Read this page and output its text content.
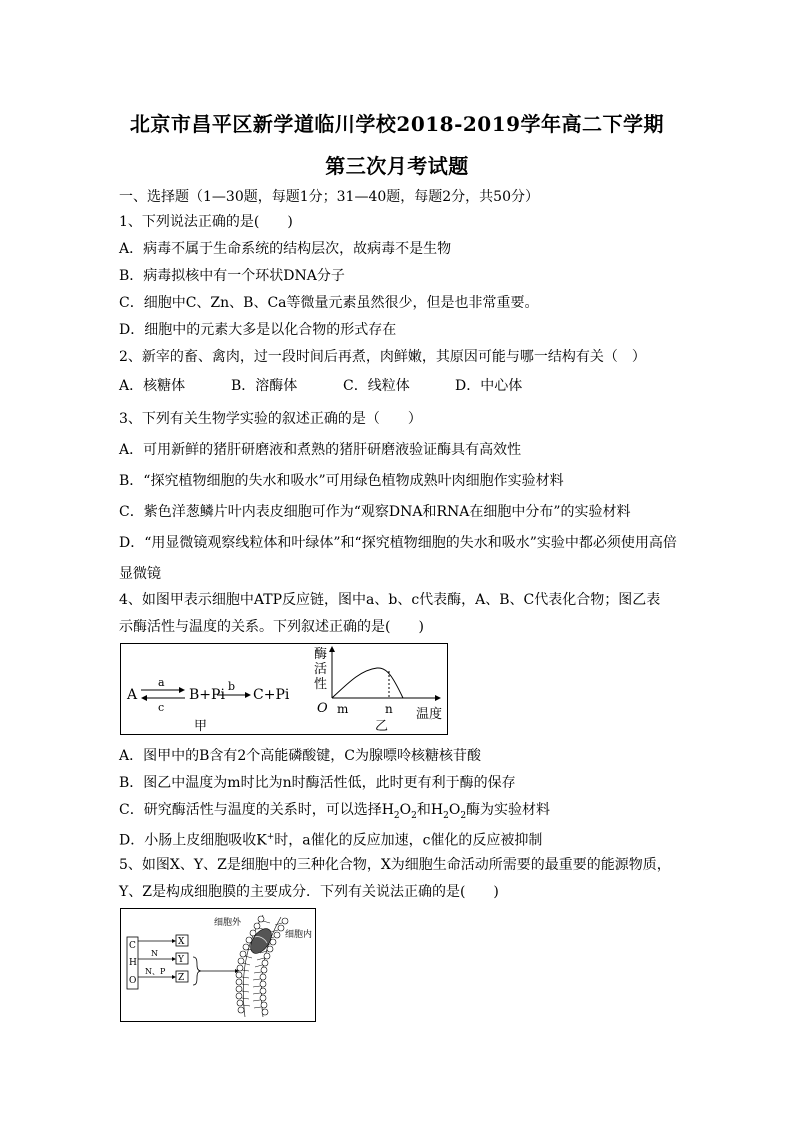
北京市昌平区新学道临川学校2018-2019学年高二下学期
第三次月考试题
一、选择题（1—30题，每题1分；31—40题，每题2分，共50分）
1、下列说法正确的是(　　)
A．病毒不属于生命系统的结构层次，故病毒不是生物
B．病毒拟核中有一个环状DNA分子
C．细胞中C、Zn、B、Ca等微量元素虽然很少，但是也非常重要。
D．细胞中的元素大多是以化合物的形式存在
2、新宰的畜、禽肉，过一段时间后再煮，肉鲜嫩，其原因可能与哪一结构有关（　）
A．核糖体	B．溶酶体	C．线粒体	D．中心体
3、下列有关生物学实验的叙述正确的是（　　）
A．可用新鲜的猪肝研磨液和煮熟的猪肝研磨液验证酶具有高效性
B．“探究植物细胞的失水和吸水”可用绿色植物成熟叶肉细胞作实验材料
C．紫色洋葱鳞片叶内表皮细胞可作为“观察DNA和RNA在细胞中分布”的实验材料
D．“用显微镜观察线粒体和叶绿体”和“探究植物细胞的失水和吸水”实验中都必须使用高倍
显微镜
4、如图甲表示细胞中ATP反应链，图中a、b、c代表酶，A、B、C代表化合物；图乙表
示酶活性与温度的关系。下列叙述正确的是(　　)
A
a
c
B+Pi
b
C+Pi
甲
酶
活
性
O m	n 温度
乙
A．图甲中的B含有2个高能磷酸键，C为腺嘌呤核糖核苷酸
B．图乙中温度为m时比为n时酶活性低，此时更有利于酶的保存
C．研究酶活性与温度的关系时，可以选择$H_2O_2$和$H_2O_2$酶为实验材料
D．小肠上皮细胞吸收K+时，a催化的反应加速，c催化的反应被抑制
5、如图X、Y、Z是细胞中的三种化合物，X为细胞生命活动所需要的最重要的能源物质，
Y、Z是构成细胞膜的主要成分．下列有关说法正确的是(　　)
C
H
O
X
N
Y
N、P
Z
细胞外
细胞内
